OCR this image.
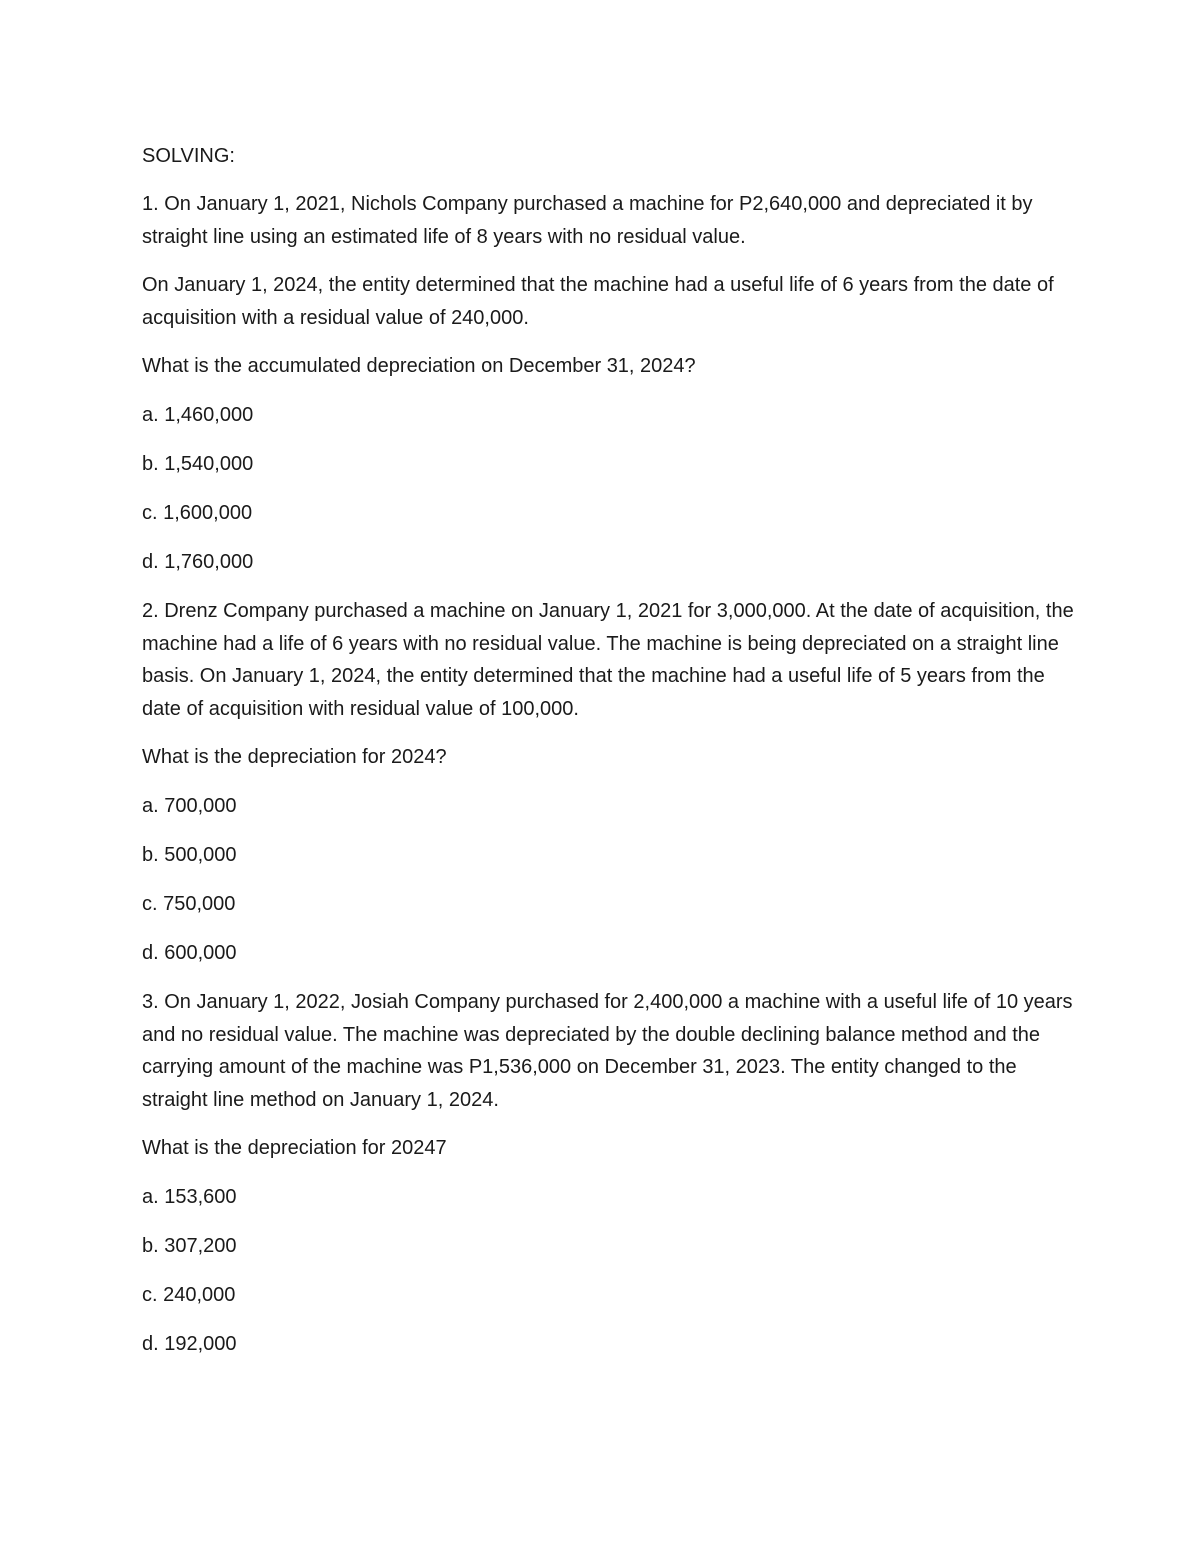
SOLVING:

1. On January 1, 2021, Nichols Company purchased a machine for P2,640,000 and depreciated it by straight line using an estimated life of 8 years with no residual value.

On January 1, 2024, the entity determined that the machine had a useful life of 6 years from the date of acquisition with a residual value of 240,000.

What is the accumulated depreciation on December 31, 2024?

a. 1,460,000

b. 1,540,000

c. 1,600,000

d. 1,760,000

2. Drenz Company purchased a machine on January 1, 2021 for 3,000,000. At the date of acquisition, the machine had a life of 6 years with no residual value. The machine is being depreciated on a straight line basis. On January 1, 2024, the entity determined that the machine had a useful life of 5 years from the date of acquisition with residual value of 100,000.

What is the depreciation for 2024?

a. 700,000

b. 500,000

c. 750,000

d. 600,000

3. On January 1, 2022, Josiah Company purchased for 2,400,000 a machine with a useful life of 10 years and no residual value. The machine was depreciated by the double declining balance method and the carrying amount of the machine was P1,536,000 on December 31, 2023. The entity changed to the straight line method on January 1, 2024.

What is the depreciation for 20247

a. 153,600

b. 307,200

c. 240,000

d. 192,000
